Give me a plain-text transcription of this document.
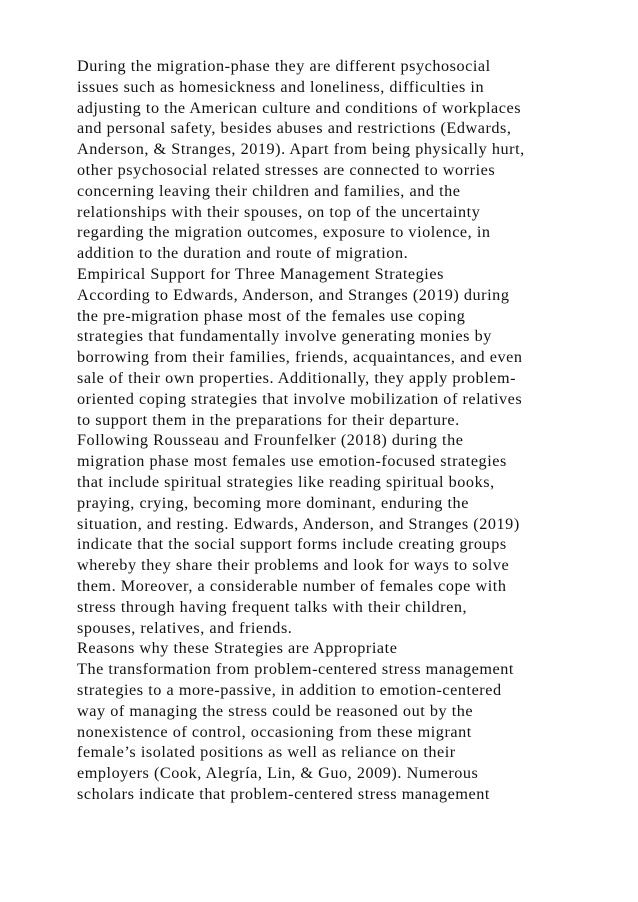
During the migration-phase they are different psychosocial
issues such as homesickness and loneliness, difficulties in
adjusting to the American culture and conditions of workplaces
and personal safety, besides abuses and restrictions (Edwards,
Anderson, & Stranges, 2019). Apart from being physically hurt,
other psychosocial related stresses are connected to worries
concerning leaving their children and families, and the
relationships with their spouses, on top of the uncertainty
regarding the migration outcomes, exposure to violence, in
addition to the duration and route of migration.
Empirical Support for Three Management Strategies
According to Edwards, Anderson, and Stranges (2019) during
the pre-migration phase most of the females use coping
strategies that fundamentally involve generating monies by
borrowing from their families, friends, acquaintances, and even
sale of their own properties. Additionally, they apply problem-
oriented coping strategies that involve mobilization of relatives
to support them in the preparations for their departure.
Following Rousseau and Frounfelker (2018) during the
migration phase most females use emotion-focused strategies
that include spiritual strategies like reading spiritual books,
praying, crying, becoming more dominant, enduring the
situation, and resting. Edwards, Anderson, and Stranges (2019)
indicate that the social support forms include creating groups
whereby they share their problems and look for ways to solve
them. Moreover, a considerable number of females cope with
stress through having frequent talks with their children,
spouses, relatives, and friends.
Reasons why these Strategies are Appropriate
The transformation from problem-centered stress management
strategies to a more-passive, in addition to emotion-centered
way of managing the stress could be reasoned out by the
nonexistence of control, occasioning from these migrant
female’s isolated positions as well as reliance on their
employers (Cook, Alegría, Lin, & Guo, 2009). Numerous
scholars indicate that problem-centered stress management
